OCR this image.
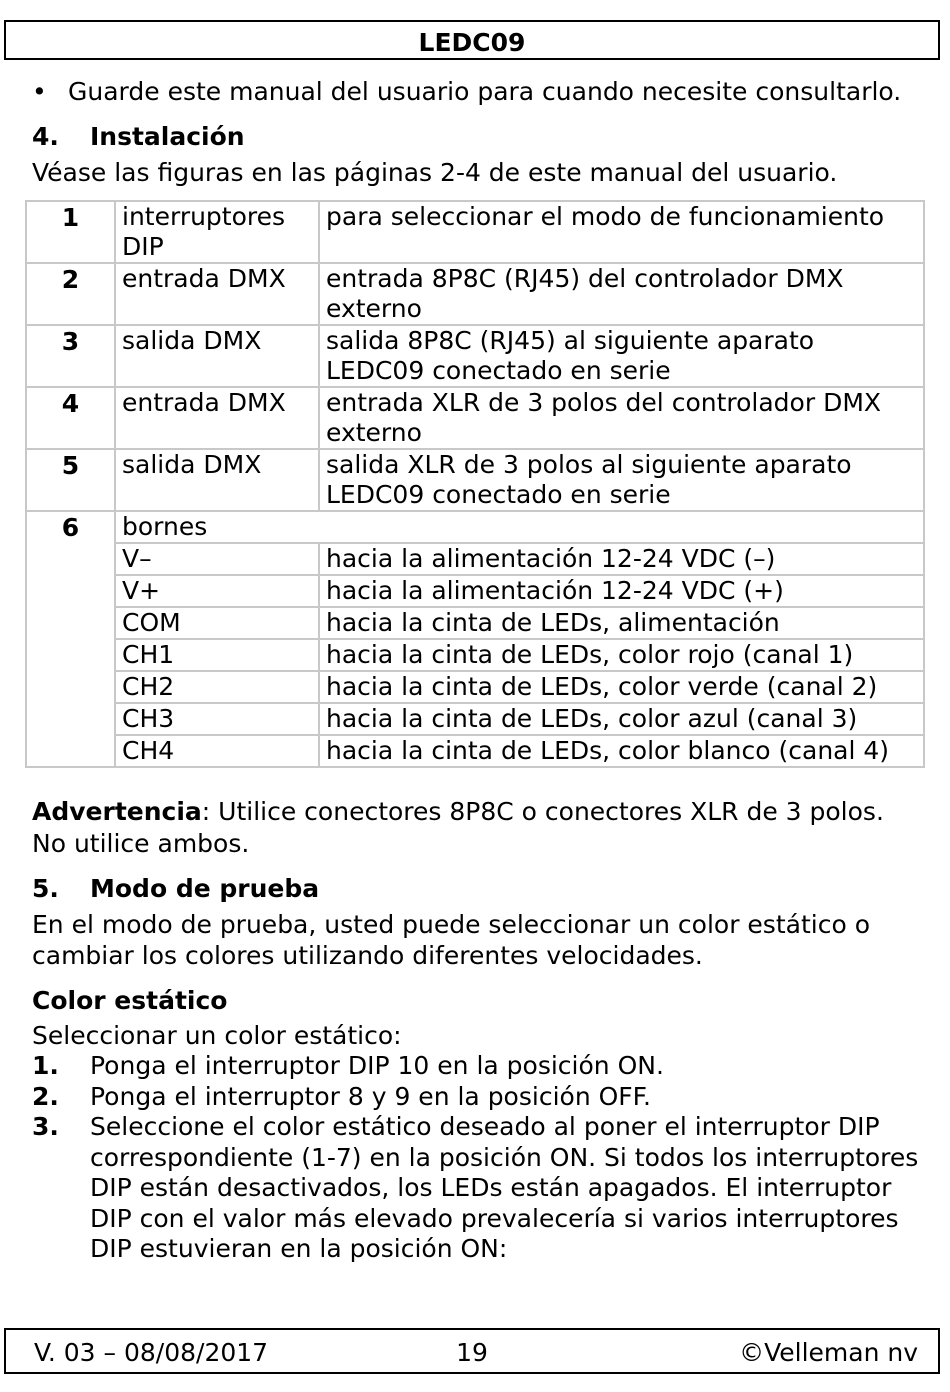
LEDC09
• Guarde este manual del usuario para cuando necesite consultarlo.
4. Instalación
Véase las figuras en las páginas 2-4 de este manual del usuario.
1	interruptores DIP	para seleccionar el modo de funcionamiento
2	entrada DMX	entrada 8P8C (RJ45) del controlador DMX externo
3	salida DMX	salida 8P8C (RJ45) al siguiente aparato LEDC09 conectado en serie
4	entrada DMX	entrada XLR de 3 polos del controlador DMX externo
5	salida DMX	salida XLR de 3 polos al siguiente aparato LEDC09 conectado en serie
6	bornes	
	V–	hacia la alimentación 12-24 VDC (–)
	V+	hacia la alimentación 12-24 VDC (+)
	COM	hacia la cinta de LEDs, alimentación
	CH1	hacia la cinta de LEDs, color rojo (canal 1)
	CH2	hacia la cinta de LEDs, color verde (canal 2)
	CH3	hacia la cinta de LEDs, color azul (canal 3)
	CH4	hacia la cinta de LEDs, color blanco (canal 4)
Advertencia: Utilice conectores 8P8C o conectores XLR de 3 polos. No utilice ambos.
5. Modo de prueba
En el modo de prueba, usted puede seleccionar un color estático o cambiar los colores utilizando diferentes velocidades.
Color estático
Seleccionar un color estático:
1. Ponga el interruptor DIP 10 en la posición ON.
2. Ponga el interruptor 8 y 9 en la posición OFF.
3. Seleccione el color estático deseado al poner el interruptor DIP correspondiente (1-7) en la posición ON. Si todos los interruptores DIP están desactivados, los LEDs están apagados. El interruptor DIP con el valor más elevado prevalecería si varios interruptores DIP estuvieran en la posición ON:
V. 03 – 08/08/2017	19	©Velleman nv
